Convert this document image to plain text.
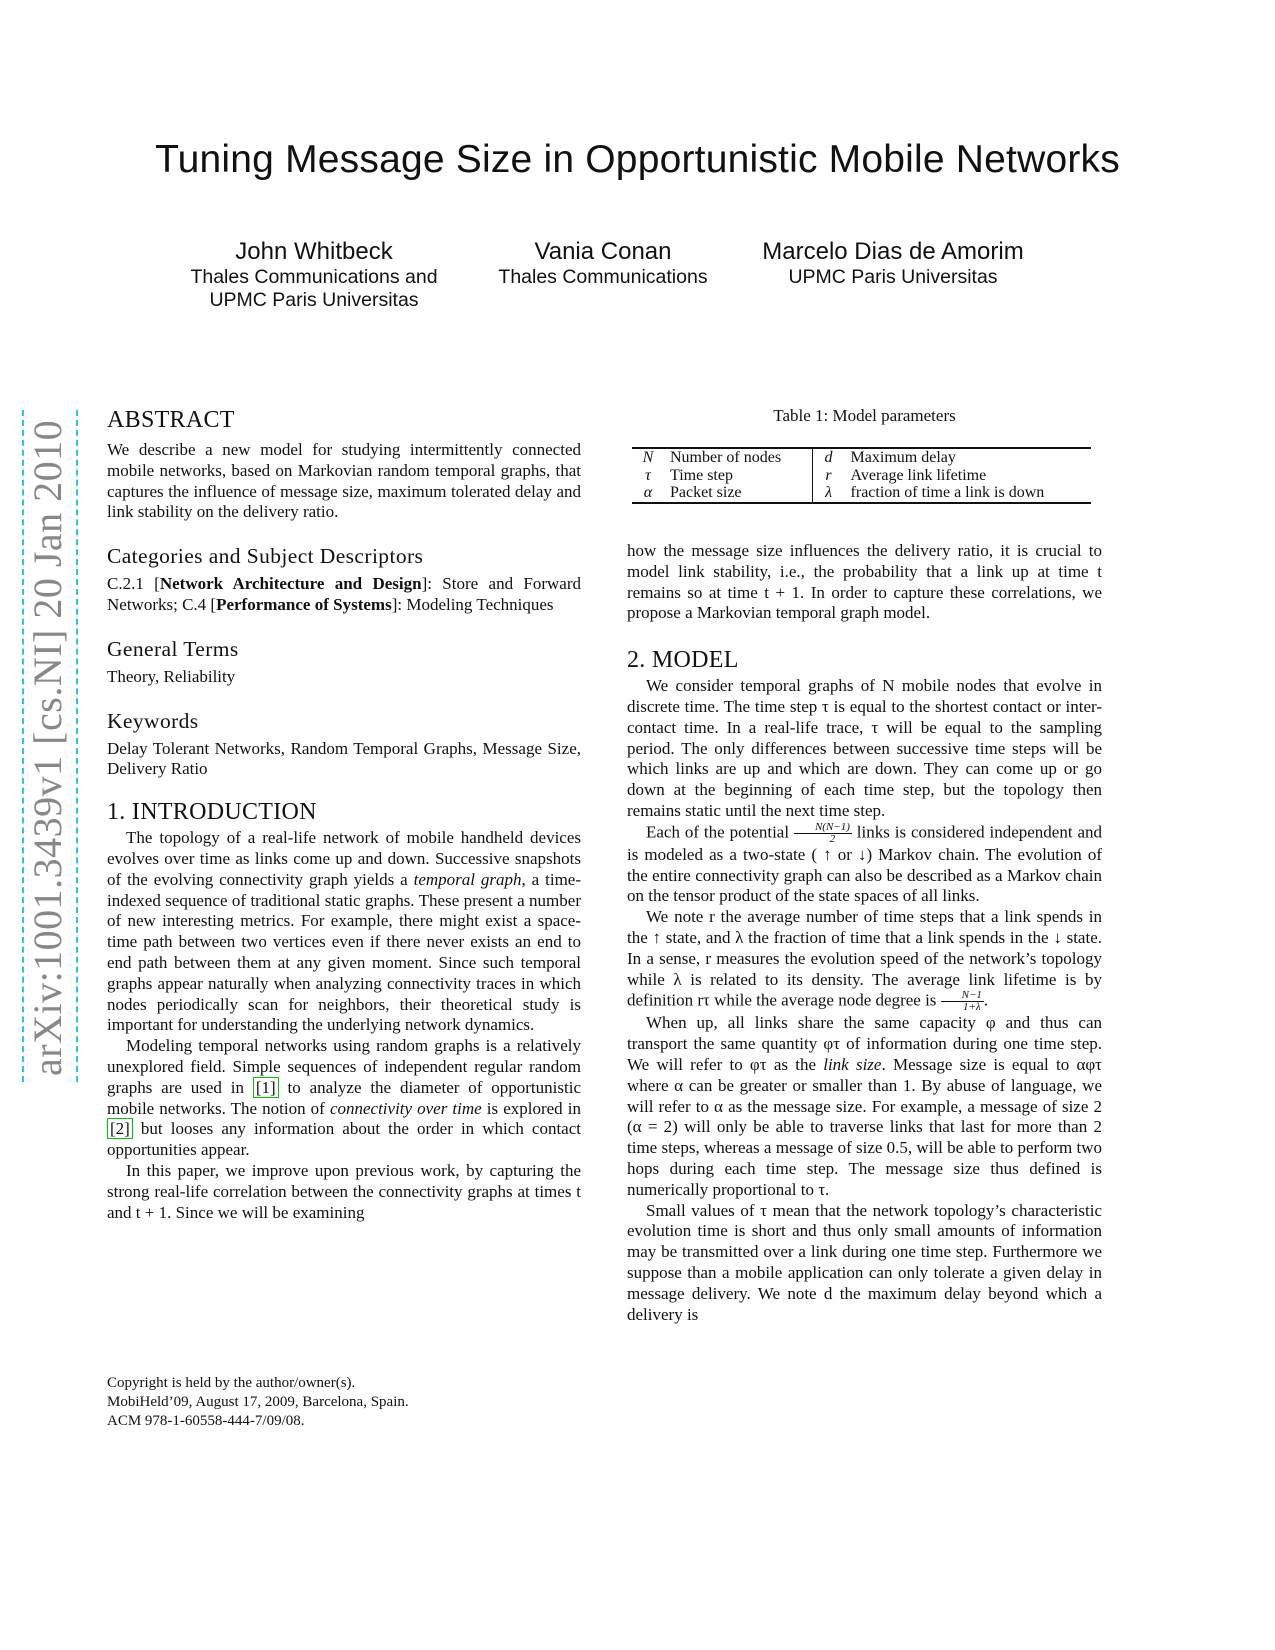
Tuning Message Size in Opportunistic Mobile Networks
John Whitbeck
Thales Communications and
UPMC Paris Universitas
Vania Conan
Thales Communications
Marcelo Dias de Amorim
UPMC Paris Universitas
arXiv:1001.3439v1 [cs.NI] 20 Jan 2010 ABSTRACT

We describe a new model for studying intermittently connected mobile networks, based on Markovian random temporal graphs, that captures the influence of message size, maximum tolerated delay and link stability on the delivery ratio.

Categories and Subject Descriptors

C.2.1 [Network Architecture and Design]: Store and Forward Networks; C.4 [Performance of Systems]: Modeling Techniques

General Terms

Theory, Reliability

Keywords

Delay Tolerant Networks, Random Temporal Graphs, Message Size, Delivery Ratio

1. INTRODUCTION

The topology of a real-life network of mobile handheld devices evolves over time as links come up and down. Successive snapshots of the evolving connectivity graph yields a temporal graph, a time-indexed sequence of traditional static graphs. These present a number of new interesting metrics. For example, there might exist a space-time path between two vertices even if there never exists an end to end path between them at any given moment. Since such temporal graphs appear naturally when analyzing connectivity traces in which nodes periodically scan for neighbors, their theoretical study is important for understanding the underlying network dynamics.

Modeling temporal networks using random graphs is a relatively unexplored field. Simple sequences of independent regular random graphs are used in [1] to analyze the diameter of opportunistic mobile networks. The notion of connectivity over time is explored in [2] but looses any information about the order in which contact opportunities appear.

In this paper, we improve upon previous work, by capturing the strong real-life correlation between the connectivity graphs at times t and t + 1. Since we will be examining

Copyright is held by the author/owner(s).
MobiHeld’09, August 17, 2009, Barcelona, Spain.
ACM 978-1-60558-444-7/09/08.
Table 1: Model parameters
N	Number of nodes	d	Maximum delay
τ	Time step	r	Average link lifetime
α	Packet size	λ	fraction of time a link is down

how the message size influences the delivery ratio, it is crucial to model link stability, i.e., the probability that a link up at time t remains so at time t + 1. In order to capture these correlations, we propose a Markovian temporal graph model.

2. MODEL

We consider temporal graphs of N mobile nodes that evolve in discrete time. The time step τ is equal to the shortest contact or inter-contact time. In a real-life trace, τ will be equal to the sampling period. The only differences between successive time steps will be which links are up and which are down. They can come up or go down at the beginning of each time step, but the topology then remains static until the next time step.

Each of the potential $\frac{N(N-1)}{2}$ links is considered independent and is modeled as a two-state ( ↑ or ↓) Markov chain. The evolution of the entire connectivity graph can also be described as a Markov chain on the tensor product of the state spaces of all links.

We note r the average number of time steps that a link spends in the ↑ state, and λ the fraction of time that a link spends in the ↓ state. In a sense, r measures the evolution speed of the network’s topology while λ is related to its density. The average link lifetime is by definition rτ while the average node degree is $\frac{N-1}{1+\lambda}$ .

When up, all links share the same capacity φ and thus can transport the same quantity φτ of information during one time step. We will refer to φτ as the link size. Message size is equal to αφτ where α can be greater or smaller than 1. By abuse of language, we will refer to α as the message size. For example, a message of size 2 (α = 2) will only be able to traverse links that last for more than 2 time steps, whereas a message of size 0.5, will be able to perform two hops during each time step. The message size thus defined is numerically proportional to τ.

Small values of τ mean that the network topology’s characteristic evolution time is short and thus only small amounts of information may be transmitted over a link during one time step. Furthermore we suppose than a mobile application can only tolerate a given delay in message delivery. We note d the maximum delay beyond which a delivery is
